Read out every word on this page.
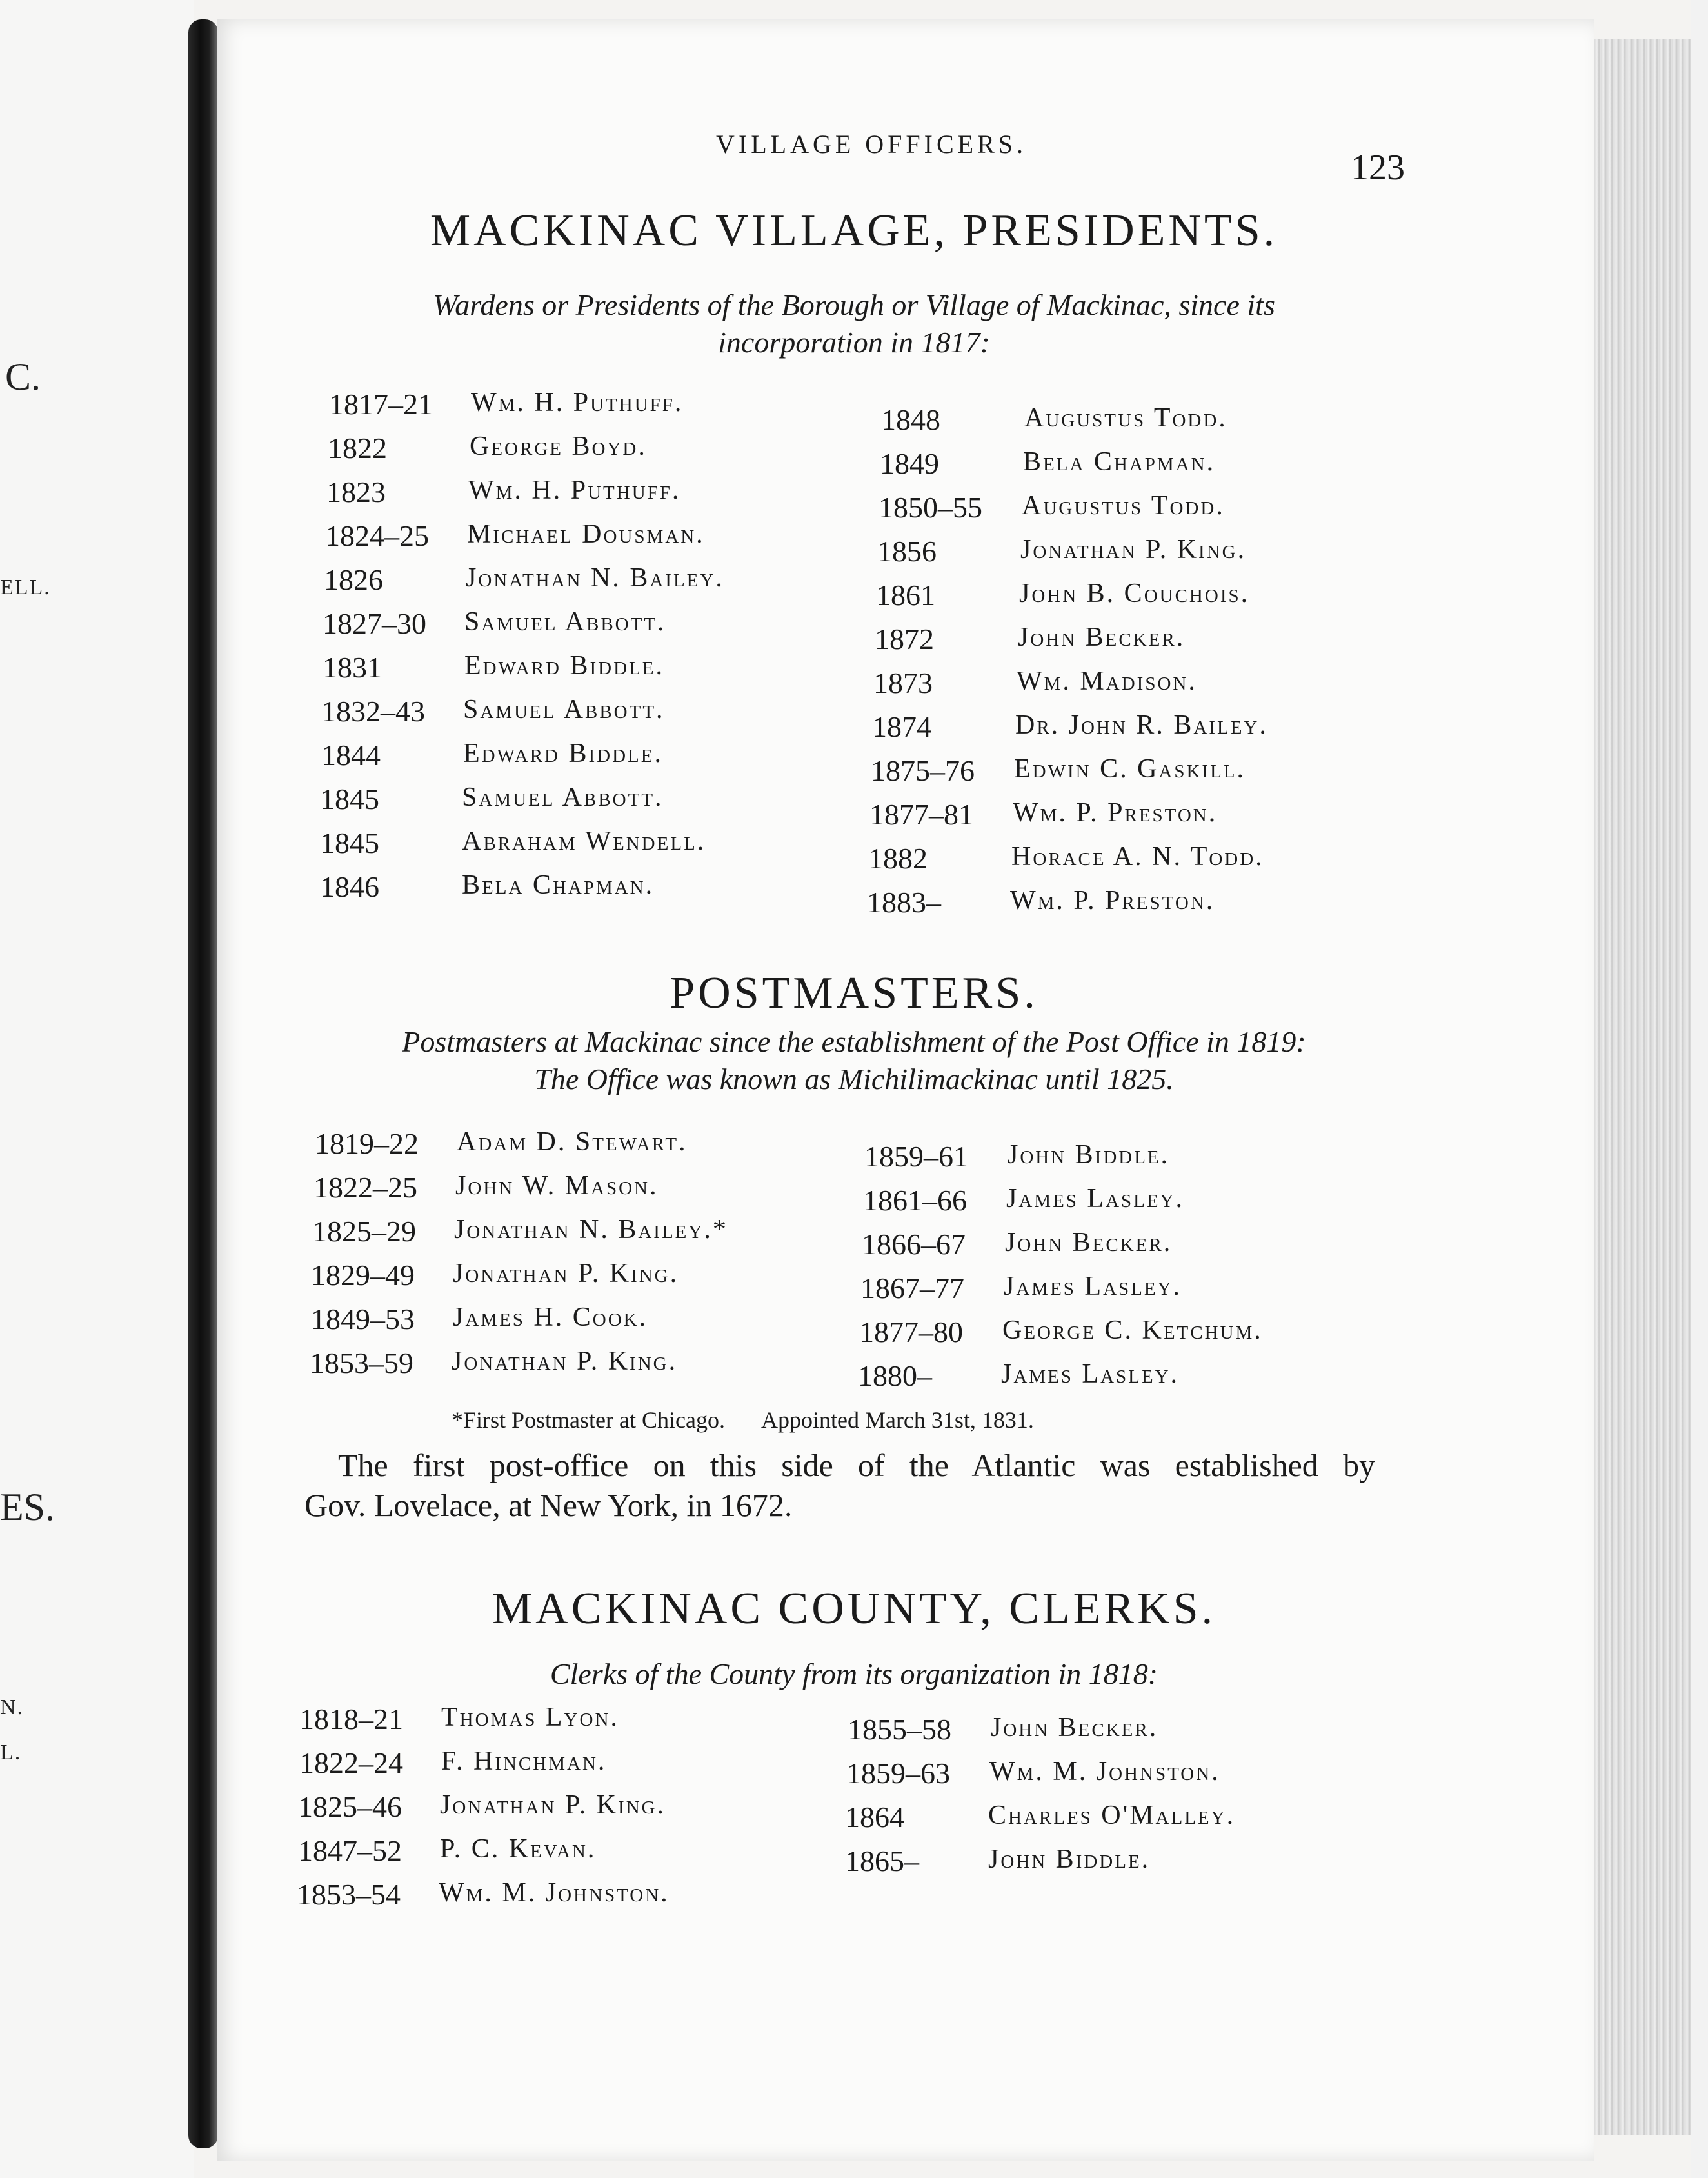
C.
ELL.
ES.
N.
L.
VILLAGE OFFICERS.
123
MACKINAC VILLAGE, PRESIDENTS.
Wardens or Presidents of the Borough or Village of Mackinac, since its
incorporation in 1817:
1817–21 Wm. H. Puthuff.
1822	George Boyd.
1823	Wm. H. Puthuff.
1824–25 Michael Dousman.
1826	Jonathan N. Bailey.
1827–30 Samuel Abbott.
1831	Edward Biddle.
1832–43 Samuel Abbott.
1844	Edward Biddle.
1845	Samuel Abbott.
1845	Abraham Wendell.
1846	Bela Chapman.
1848	Augustus Todd.
1849	Bela Chapman.
1850–55 Augustus Todd.
1856	Jonathan P. King.
1861	John B. Couchois.
1872	John Becker.
1873	Wm. Madison.
1874	Dr. John R. Bailey.
1875–76 Edwin C. Gaskill.
1877–81 Wm. P. Preston.
1882	Horace A. N. Todd.
1883–	Wm. P. Preston.
POSTMASTERS.
Postmasters at Mackinac since the establishment of the Post Office in 1819:
The Office was known as Michilimackinac until 1825.
1819–22 Adam D. Stewart.
1822–25 John W. Mason.
1825–29 Jonathan N. Bailey.*
1829–49 Jonathan P. King.
1849–53 James H. Cook.
1853–59 Jonathan P. King.
1859–61 John Biddle.
1861–66 James Lasley.
1866–67 John Becker.
1867–77 James Lasley.
1877–80 George C. Ketchum.
1880–	James Lasley.
*First Postmaster at Chicago. Appointed March 31st, 1831.
The first post-office on this side of the Atlantic was established by
Gov. Lovelace, at New York, in 1672.
MACKINAC COUNTY, CLERKS.
Clerks of the County from its organization in 1818:
1818–21 Thomas Lyon.
1822–24 F. Hinchman.
1825–46 Jonathan P. King.
1847–52 P. C. Kevan.
1853–54 Wm. M. Johnston.
1855–58 John Becker.
1859–63 Wm. M. Johnston.
1864	Charles O'Malley.
1865–	John Biddle.
